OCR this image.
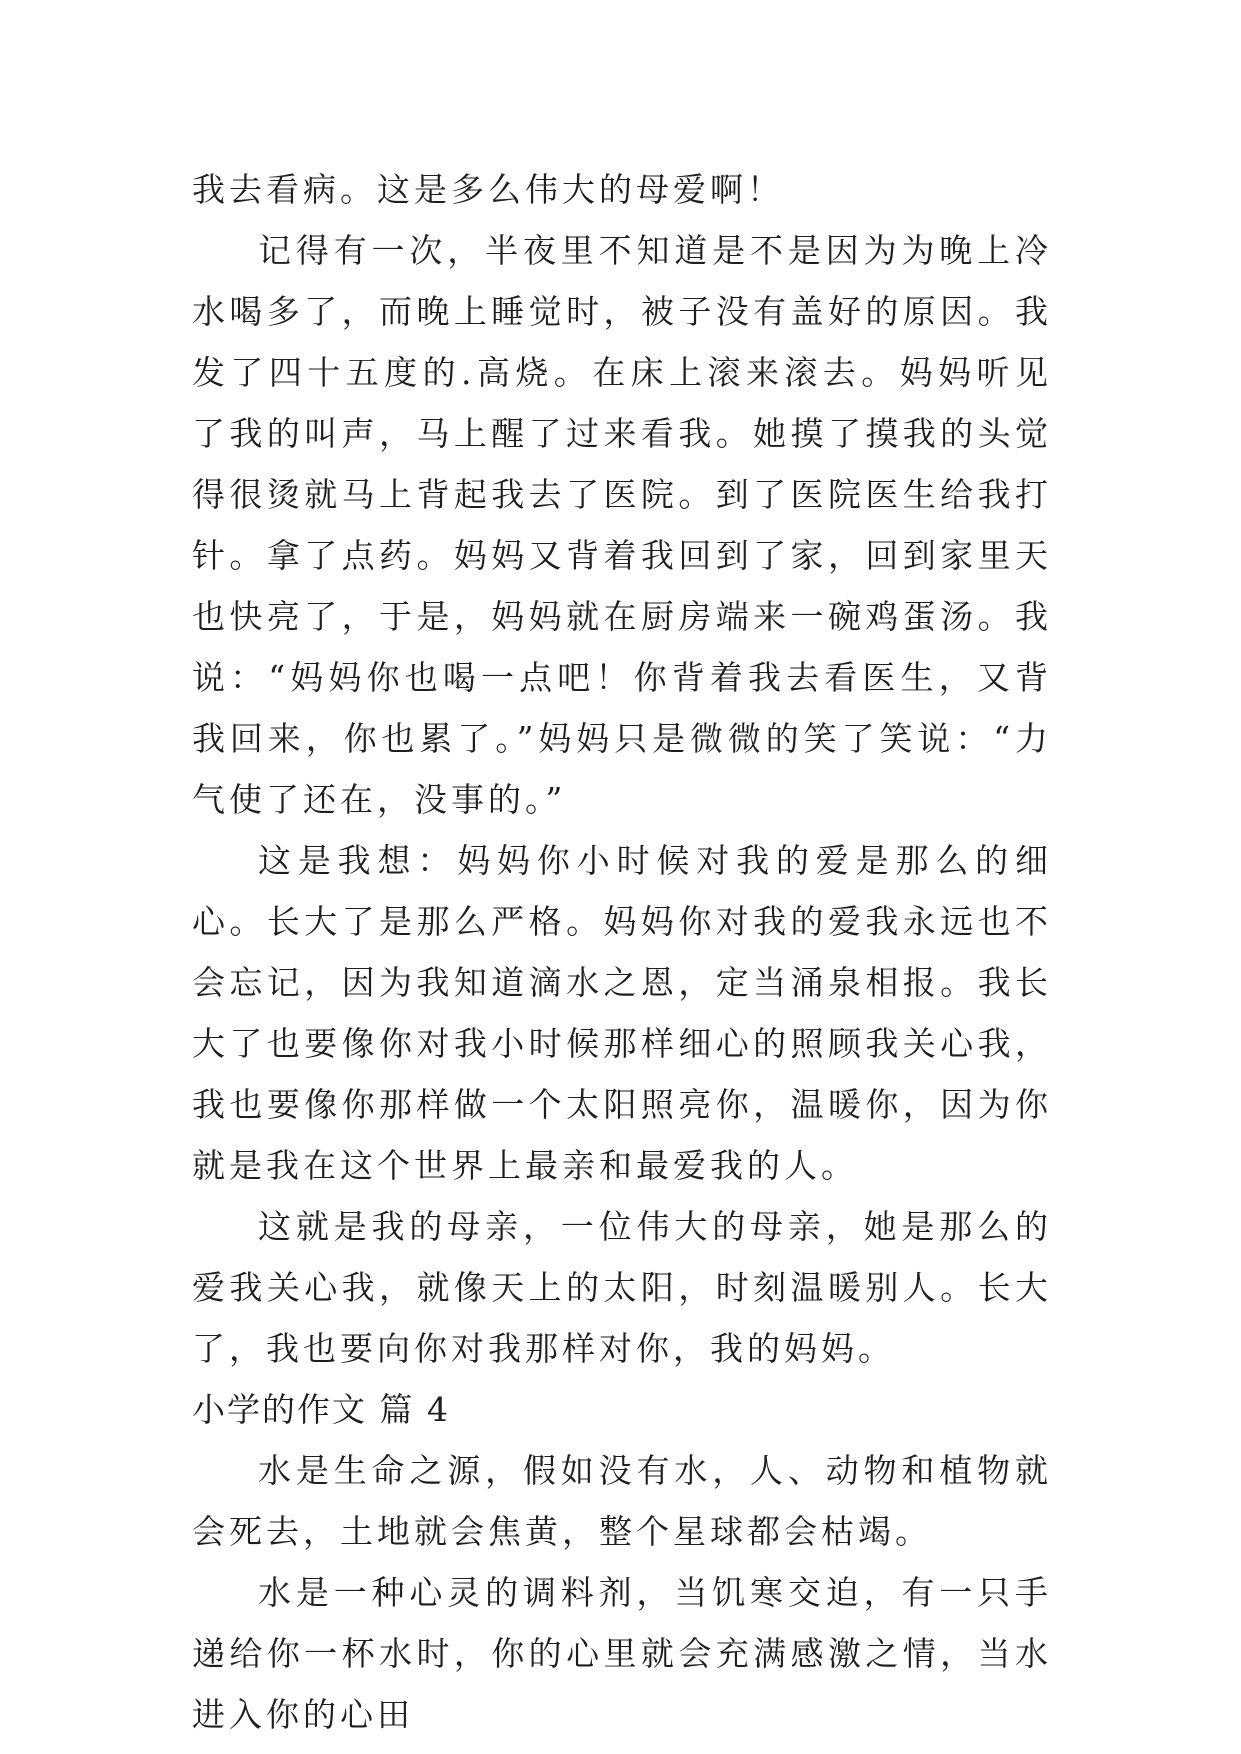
我去看病。这是多么伟大的母爱啊！

记得有一次，半夜里不知道是不是因为为晚上冷水喝多了，而晚上睡觉时，被子没有盖好的原因。我发了四十五度的.高烧。在床上滚来滚去。妈妈听见了我的叫声，马上醒了过来看我。她摸了摸我的头觉得很烫就马上背起我去了医院。到了医院医生给我打针。拿了点药。妈妈又背着我回到了家，回到家里天也快亮了，于是，妈妈就在厨房端来一碗鸡蛋汤。我说：“妈妈你也喝一点吧！你背着我去看医生，又背我回来，你也累了。”妈妈只是微微的笑了笑说：“力气使了还在，没事的。”

这是我想：妈妈你小时候对我的爱是那么的细心。长大了是那么严格。妈妈你对我的爱我永远也不会忘记，因为我知道滴水之恩，定当涌泉相报。我长大了也要像你对我小时候那样细心的照顾我关心我，我也要像你那样做一个太阳照亮你，温暖你，因为你就是我在这个世界上最亲和最爱我的人。

这就是我的母亲，一位伟大的母亲，她是那么的爱我关心我，就像天上的太阳，时刻温暖别人。长大了，我也要向你对我那样对你，我的妈妈。

小学的作文 篇 4

水是生命之源，假如没有水，人、动物和植物就会死去，土地就会焦黄，整个星球都会枯竭。

水是一种心灵的调料剂，当饥寒交迫，有一只手递给你一杯水时，你的心里就会充满感激之情，当水进入你的心田
